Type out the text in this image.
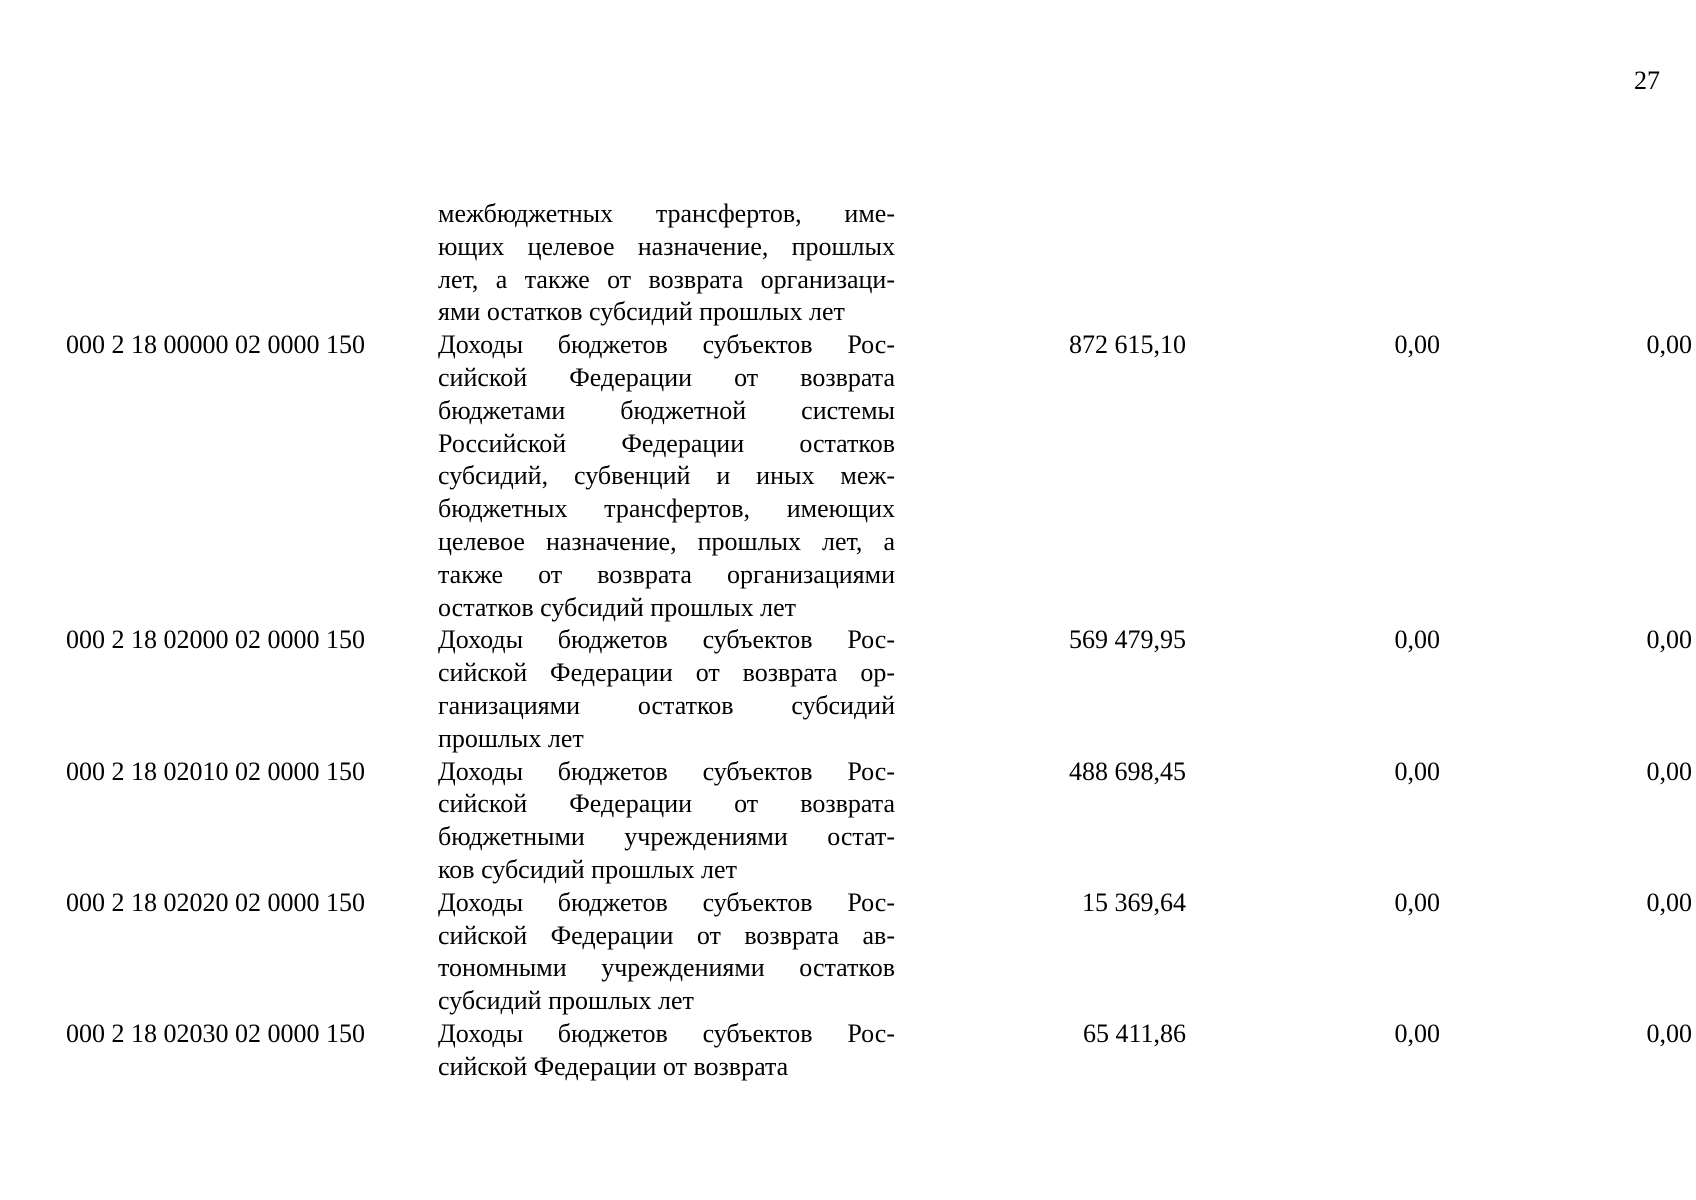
27
межбюджетных трансфертов, име-
ющих целевое назначение, прошлых
лет, а также от возврата организаци-
ями остатков субсидий прошлых лет
000 2 18 00000 02 0000 150	Доходы бюджетов субъектов Рос-
сийской Федерации от возврата
бюджетами бюджетной системы
Российской Федерации остатков
субсидий, субвенций и иных меж-
бюджетных трансфертов, имеющих
целевое назначение, прошлых лет, а
также от возврата организациями
остатков субсидий прошлых лет
872 615,10	0,00	0,00
000 2 18 02000 02 0000 150	Доходы бюджетов субъектов Рос-
сийской Федерации от возврата ор-
ганизациями остатков субсидий
прошлых лет
569 479,95	0,00	0,00
000 2 18 02010 02 0000 150	Доходы бюджетов субъектов Рос-
сийской Федерации от возврата
бюджетными учреждениями остат-
ков субсидий прошлых лет
488 698,45	0,00	0,00
000 2 18 02020 02 0000 150	Доходы бюджетов субъектов Рос-
сийской Федерации от возврата ав-
тономными учреждениями остатков
субсидий прошлых лет
15 369,64	0,00	0,00
000 2 18 02030 02 0000 150	Доходы бюджетов субъектов Рос-
сийской Федерации от возврата
65 411,86	0,00	0,00
